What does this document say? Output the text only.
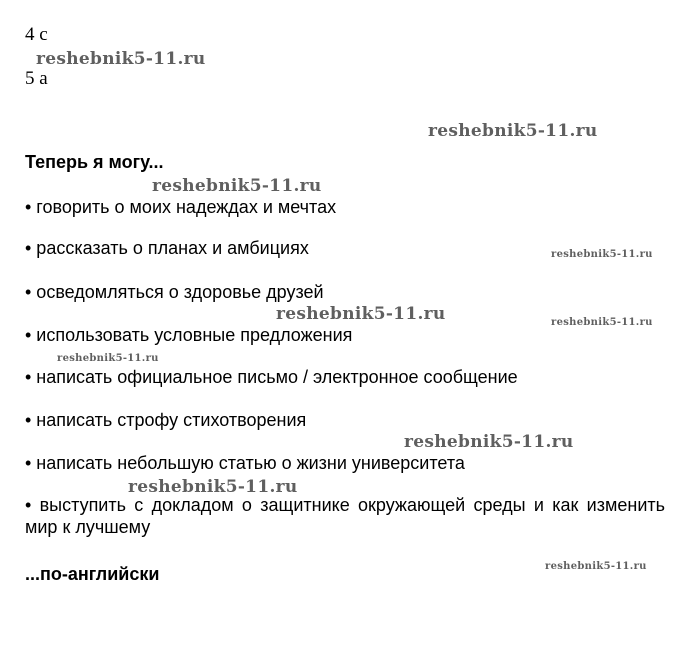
4 c
5 a
Теперь я могу...
• говорить о моих надеждах и мечтах
• рассказать о планах и амбициях
• осведомляться о здоровье друзей
• использовать условные предложения
• написать официальное письмо / электронное сообщение
• написать строфу стихотворения
• написать небольшую статью о жизни университета
• выступить с докладом о защитнике окружающей среды и как изменить мир к лучшему
...по-английски
reshebnik5-11.ru
reshebnik5-11.ru
reshebnik5-11.ru
reshebnik5-11.ru
reshebnik5-11.ru	reshebnik5-11.ru
reshebnik5-11.ru
reshebnik5-11.ru
reshebnik5-11.ru
reshebnik5-11.ru
